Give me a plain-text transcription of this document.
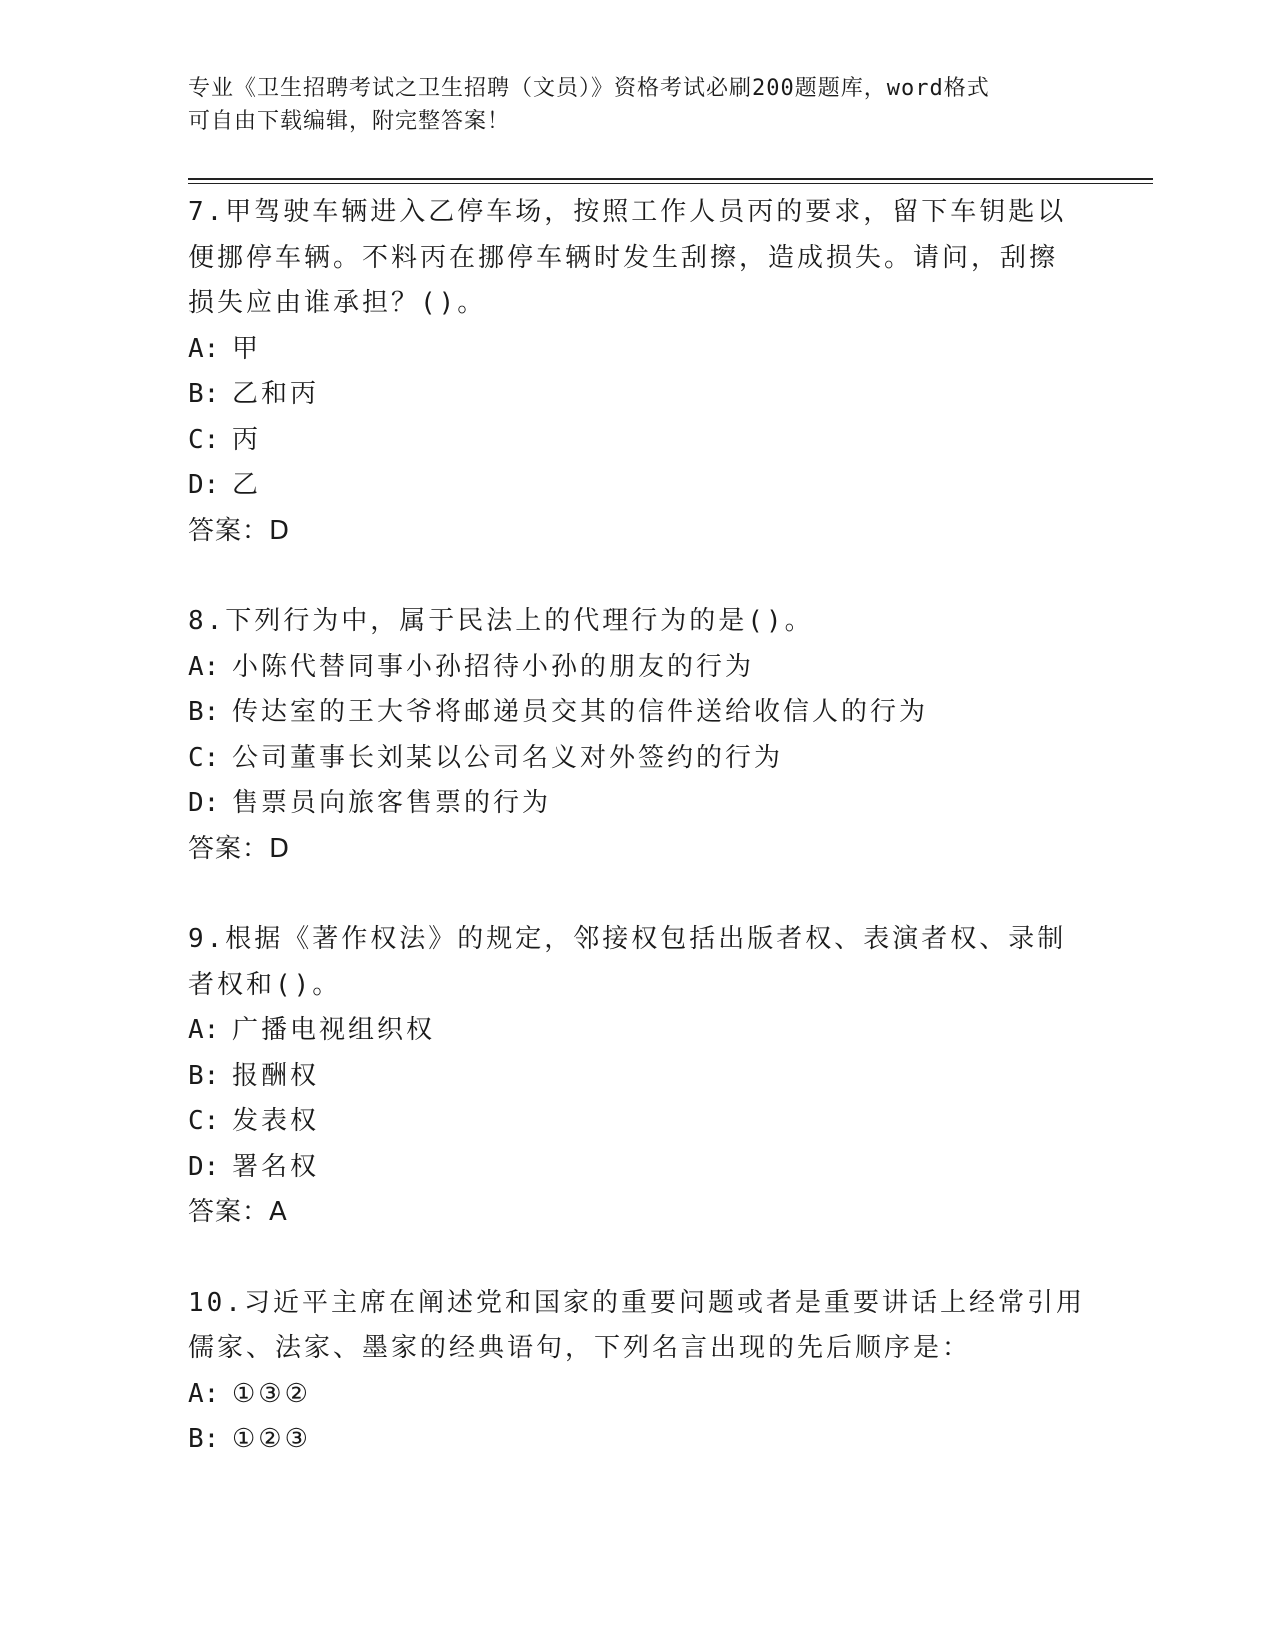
专业《卫生招聘考试之卫生招聘（文员）》资格考试必刷200题题库，word格式
可自由下载编辑，附完整答案！

7.甲驾驶车辆进入乙停车场，按照工作人员丙的要求，留下车钥匙以

便挪停车辆。不料丙在挪停车辆时发生刮擦，造成损失。请问，刮擦

损失应由谁承担？()。

A: 甲

B: 乙和丙

C: 丙

D: 乙

答案：D

8.下列行为中，属于民法上的代理行为的是()。

A: 小陈代替同事小孙招待小孙的朋友的行为

B: 传达室的王大爷将邮递员交其的信件送给收信人的行为

C: 公司董事长刘某以公司名义对外签约的行为

D: 售票员向旅客售票的行为

答案：D

9.根据《著作权法》的规定，邻接权包括出版者权、表演者权、录制

者权和()。

A: 广播电视组织权

B: 报酬权

C: 发表权

D: 署名权

答案：A

10.习近平主席在阐述党和国家的重要问题或者是重要讲话上经常引用

儒家、法家、墨家的经典语句，下列名言出现的先后顺序是：

A: ①③②

B: ①②③
